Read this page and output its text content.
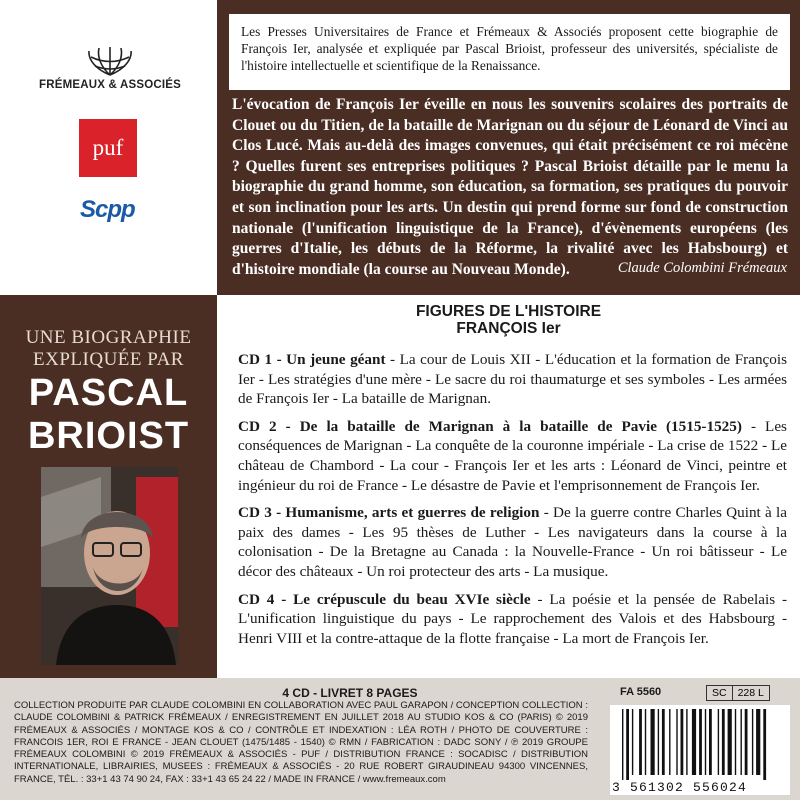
FRÉMEAUX & ASSOCIÉS
puf
Scpp
Les Presses Universitaires de France et Frémeaux & Associés proposent cette biographie de François Ier, analysée et expliquée par Pascal Brioist, professeur des universités, spécialiste de l'histoire intellectuelle et scientifique de la Renaissance.
L'évocation de François Ier éveille en nous les souvenirs scolaires des portraits de Clouet ou du Titien, de la bataille de Marignan ou du séjour de Léonard de Vinci au Clos Lucé. Mais au-delà des images convenues, qui était précisément ce roi mécène ? Quelles furent ses entreprises politiques ? Pascal Brioist détaille par le menu la biographie du grand homme, son éducation, sa formation, ses pratiques du pouvoir et son inclination pour les arts. Un destin qui prend forme sur fond de construction nationale (l'unification linguistique de la France), d'évènements européens (les guerres d'Italie, les débuts de la Réforme, la rivalité avec les Habsbourg) et d'histoire mondiale (la course au Nouveau Monde).	Claude Colombini Frémeaux
UNE BIOGRAPHIE
EXPLIQUÉE PAR
PASCAL
BRIOIST
FIGURES DE L'HISTOIRE
FRANÇOIS Ier
CD 1 - Un jeune géant - La cour de Louis XII - L'éducation et la formation de François Ier - Les stratégies d'une mère - Le sacre du roi thaumaturge et ses symboles - Les armées de François Ier - La bataille de Marignan.
CD 2 - De la bataille de Marignan à la bataille de Pavie (1515-1525) - Les conséquences de Marignan - La conquête de la couronne impériale - La crise de 1522 - Le château de Chambord - La cour - François Ier et les arts : Léonard de Vinci, peintre et ingénieur du roi de France - Le désastre de Pavie et l'emprisonnement de François Ier.
CD 3 - Humanisme, arts et guerres de religion - De la guerre contre Charles Quint à la paix des dames - Les 95 thèses de Luther - Les navigateurs dans la course à la colonisation - De la Bretagne au Canada : la Nouvelle-France - Un roi bâtisseur - Le décor des châteaux - Un roi protecteur des arts - La musique.
CD 4 - Le crépuscule du beau XVIe siècle - La poésie et la pensée de Rabelais - L'unification linguistique du pays - Le rapprochement des Valois et des Habsbourg - Henri VIII et la contre-attaque de la flotte française - La mort de François Ier.
4 CD - LIVRET 8 PAGES
COLLECTION PRODUITE PAR CLAUDE COLOMBINI EN COLLABORATION AVEC PAUL GARAPON / CONCEPTION COLLECTION : CLAUDE COLOMBINI & PATRICK FRÉMEAUX / ENREGISTREMENT EN JUILLET 2018 AU STUDIO KOS & CO (PARIS) © 2019 FRÉMEAUX & ASSOCIÉS / MONTAGE KOS & CO / CONTRÔLE ET INDEXATION : LÉA ROTH / PHOTO DE COUVERTURE : FRANCOIS 1ER, ROI E FRANCE - JEAN CLOUET (1475/1485 - 1540) © RMN / FABRICATION : DADC SONY / ℗ 2019 GROUPE FRÉMEAUX COLOMBINI © 2019 FRÉMEAUX & ASSOCIÉS - PUF / DISTRIBUTION FRANCE : SOCADISC / DISTRIBUTION INTERNATIONALE, LIBRAIRIES, MUSEES : FRÉMEAUX & ASSOCIÉS - 20 RUE ROBERT GIRAUDINEAU 94300 VINCENNES, FRANCE, TÉL. : 33+1 43 74 90 24, FAX : 33+1 43 65 24 22 / MADE IN FRANCE / www.fremeaux.com
FA 5560	SC	228 L
3 561302 556024
